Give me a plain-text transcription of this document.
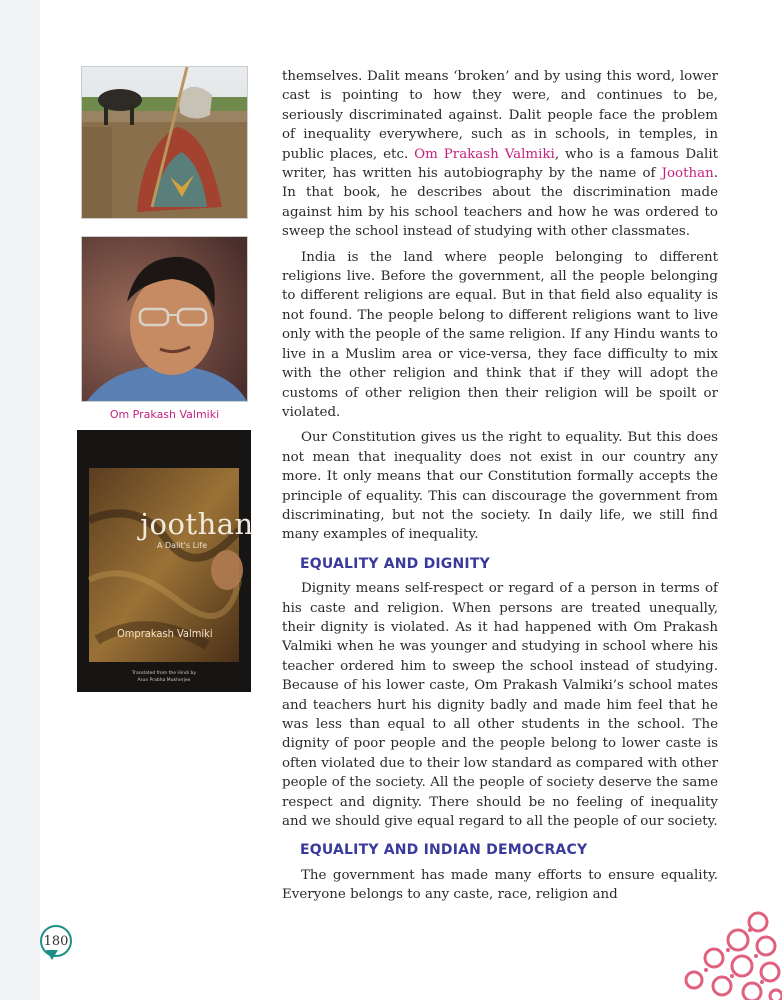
Om Prakash Valmiki
joothan
A Dalit's Life
Omprakash Valmiki
Translated from the Hindi by
Arun Prabha Mukherjee

themselves. Dalit means ‘broken’ and by using this word, lower cast is pointing to how they were, and continues to be, seriously discriminated against. Dalit people face the problem of inequality everywhere, such as in schools, in temples, in public places, etc. Om Prakash Valmiki, who is a famous Dalit writer, has written his autobiography by the name of Joothan. In that book, he describes about the discrimination made against him by his school teachers and how he was ordered to sweep the school instead of studying with other classmates.

India is the land where people belonging to different religions live. Before the government, all the people belonging to different religions are equal. But in that field also equality is not found. The people belong to different religions want to live only with the people of the same religion. If any Hindu wants to live in a Muslim area or vice-versa, they face difficulty to mix with the other religion and think that if they will adopt the customs of other religion then their religion will be spoilt or violated.

Our Constitution gives us the right to equality. But this does not mean that inequality does not exist in our country any more. It only means that our Constitution formally accepts the principle of equality. This can discourage the government from discriminating, but not the society. In daily life, we still find many examples of inequality.

EQUALITY AND DIGNITY

Dignity means self-respect or regard of a person in terms of his caste and religion. When persons are treated unequally, their dignity is violated. As it had happened with Om Prakash Valmiki when he was younger and studying in school where his teacher ordered him to sweep the school instead of studying. Because of his lower caste, Om Prakash Valmiki’s school mates and teachers hurt his dignity badly and made him feel that he was less than equal to all other students in the school. The dignity of poor people and the people belong to lower caste is often violated due to their low standard as compared with other people of the society. All the people of society deserve the same respect and dignity. There should be no feeling of inequality and we should give equal regard to all the people of our society.

EQUALITY AND INDIAN DEMOCRACY

The government has made many efforts to ensure equality. Everyone belongs to any caste, race, religion and

180
